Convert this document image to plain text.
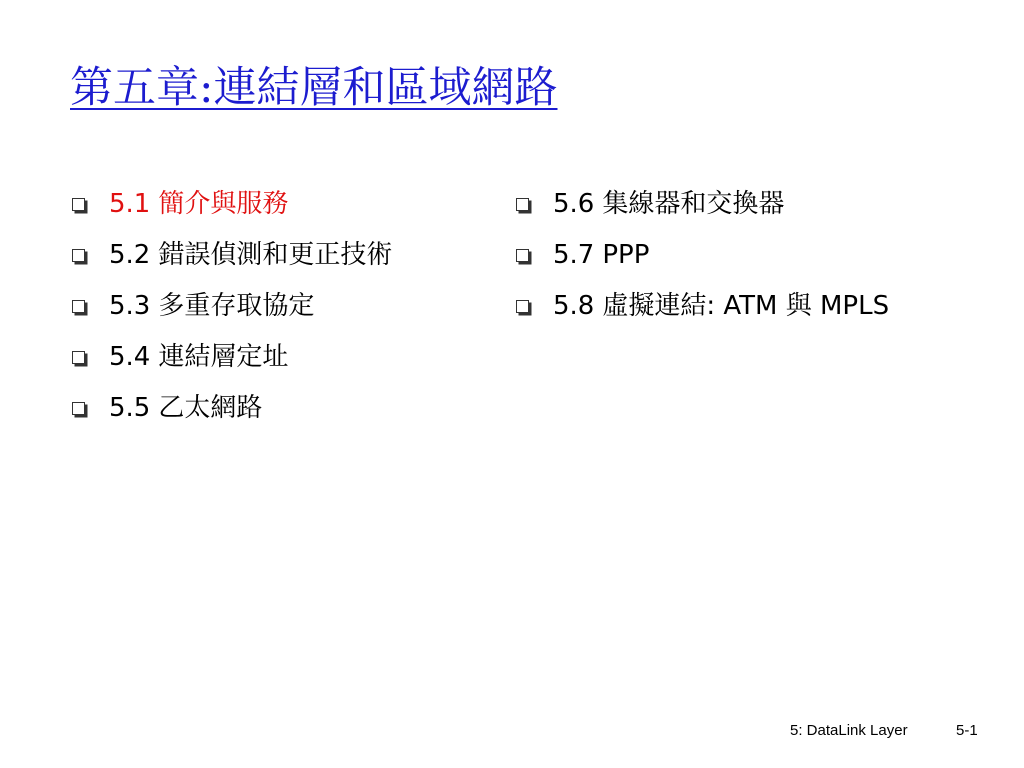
第五章:連結層和區域網路
5.1 簡介與服務
5.2 錯誤偵測和更正技術
5.3 多重存取協定
5.4 連結層定址
5.5 乙太網路
5.6 集線器和交換器
5.7 PPP
5.8 虛擬連結: ATM 與 MPLS
5: DataLink Layer	5-1
